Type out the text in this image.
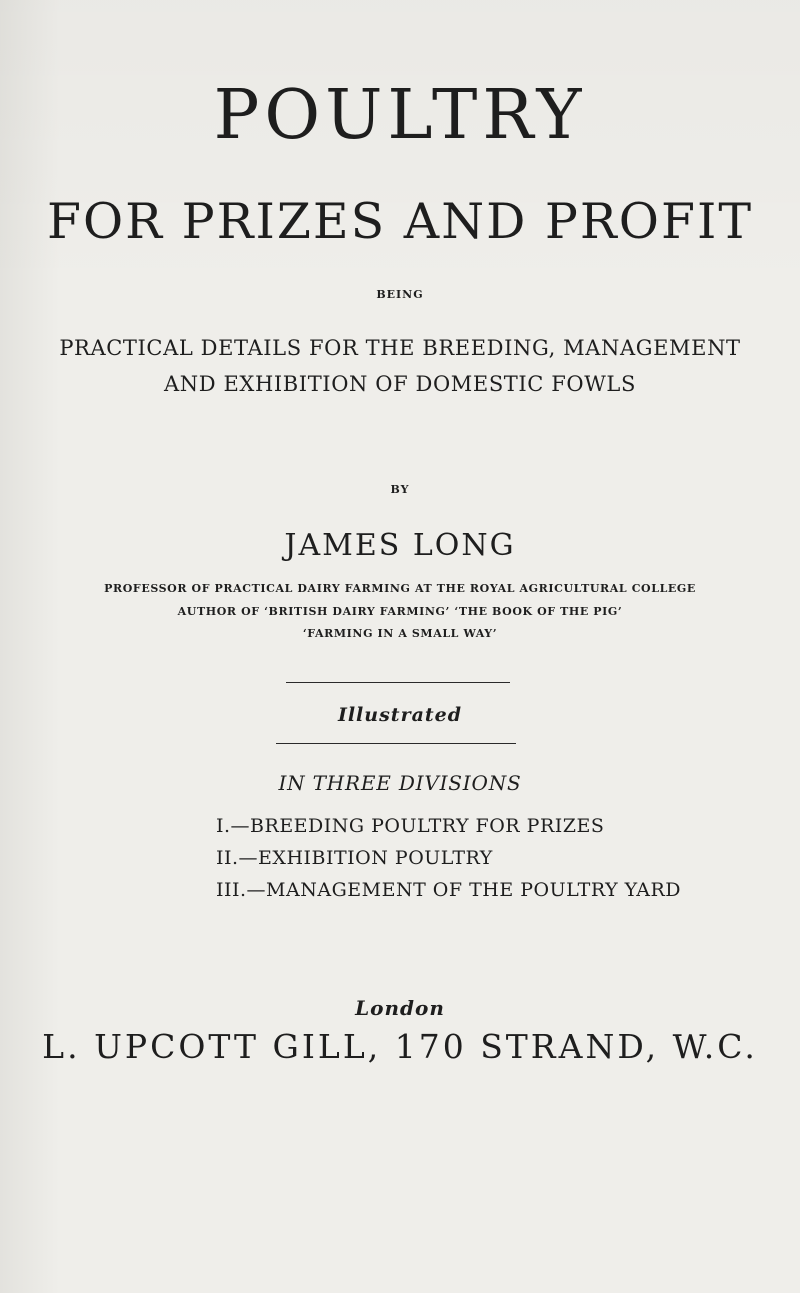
POULTRY
FOR PRIZES AND PROFIT
BEING
PRACTICAL DETAILS FOR THE BREEDING, MANAGEMENT
AND EXHIBITION OF DOMESTIC FOWLS
BY
JAMES LONG
PROFESSOR OF PRACTICAL DAIRY FARMING AT THE ROYAL AGRICULTURAL COLLEGE
AUTHOR OF ‘BRITISH DAIRY FARMING’ ‘THE BOOK OF THE PIG’
‘FARMING IN A SMALL WAY’
Illustrated
IN THREE DIVISIONS
I.—BREEDING POULTRY FOR PRIZES
II.—EXHIBITION POULTRY
III.—MANAGEMENT OF THE POULTRY YARD
London
L. UPCOTT GILL, 170 STRAND, W.C.
